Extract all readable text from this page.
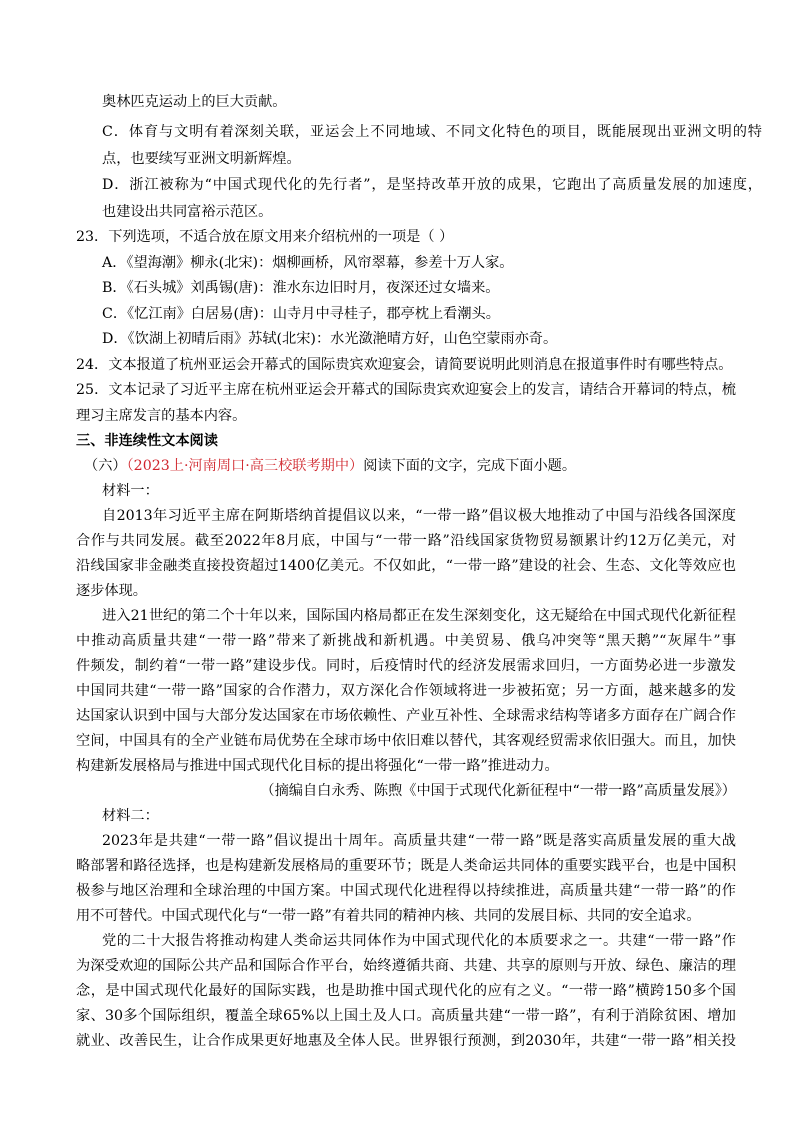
奥林匹克运动上的巨大贡献。
C．体育与文明有着深刻关联，亚运会上不同地域、不同文化特色的项目，既能展现出亚洲文明的特
点，也要续写亚洲文明新辉煌。
D．浙江被称为“中国式现代化的先行者”，是坚持改革开放的成果，它跑出了高质量发展的加速度，
也建设出共同富裕示范区。
23．下列选项，不适合放在原文用来介绍杭州的一项是（ ）
A．《望海潮》柳永(北宋)：烟柳画桥，风帘翠幕，参差十万人家。
B．《石头城》刘禹锡(唐)：淮水东边旧时月，夜深还过女墙来。
C．《忆江南》白居易(唐)：山寺月中寻桂子，郡亭枕上看潮头。
D．《饮湖上初晴后雨》苏轼(北宋)：水光潋滟晴方好，山色空蒙雨亦奇。
24．文本报道了杭州亚运会开幕式的国际贵宾欢迎宴会，请简要说明此则消息在报道事件时有哪些特点。
25．文本记录了习近平主席在杭州亚运会开幕式的国际贵宾欢迎宴会上的发言，请结合开幕词的特点，梳
理习主席发言的基本内容。
三、非连续性文本阅读
（六）（2023上·河南周口·高三校联考期中）阅读下面的文字，完成下面小题。
材料一：
自2013年习近平主席在阿斯塔纳首提倡议以来，“一带一路”倡议极大地推动了中国与沿线各国深度
合作与共同发展。截至2022年8月底，中国与“一带一路”沿线国家货物贸易额累计约12万亿美元，对
沿线国家非金融类直接投资超过1400亿美元。不仅如此，“一带一路”建设的社会、生态、文化等效应也
逐步体现。
进入21世纪的第二个十年以来，国际国内格局都正在发生深刻变化，这无疑给在中国式现代化新征程
中推动高质量共建“一带一路”带来了新挑战和新机遇。中美贸易、俄乌冲突等“黑天鹅”“灰犀牛”事
件频发，制约着“一带一路”建设步伐。同时，后疫情时代的经济发展需求回归，一方面势必进一步激发
中国同共建“一带一路”国家的合作潜力，双方深化合作领域将进一步被拓宽；另一方面，越来越多的发
达国家认识到中国与大部分发达国家在市场依赖性、产业互补性、全球需求结构等诸多方面存在广阔合作
空间，中国具有的全产业链布局优势在全球市场中依旧难以替代，其客观经贸需求依旧强大。而且，加快
构建新发展格局与推进中国式现代化目标的提出将强化“一带一路”推进动力。
（摘编自白永秀、陈煦《中国于式现代化新征程中“一带一路”高质量发展》）
材料二：
2023年是共建“一带一路”倡议提出十周年。高质量共建“一带一路”既是落实高质量发展的重大战
略部署和路径选择，也是构建新发展格局的重要环节；既是人类命运共同体的重要实践平台，也是中国积
极参与地区治理和全球治理的中国方案。中国式现代化进程得以持续推进，高质量共建“一带一路”的作
用不可替代。中国式现代化与“一带一路”有着共同的精神内核、共同的发展目标、共同的安全追求。
党的二十大报告将推动构建人类命运共同体作为中国式现代化的本质要求之一。共建“一带一路”作
为深受欢迎的国际公共产品和国际合作平台，始终遵循共商、共建、共享的原则与开放、绿色、廉洁的理
念，是中国式现代化最好的国际实践，也是助推中国式现代化的应有之义。“一带一路”横跨150多个国
家、30多个国际组织，覆盖全球65%以上国土及人口。高质量共建“一带一路”，有利于消除贫困、增加
就业、改善民生，让合作成果更好地惠及全体人民。世界银行预测，到2030年，共建“一带一路”相关投
